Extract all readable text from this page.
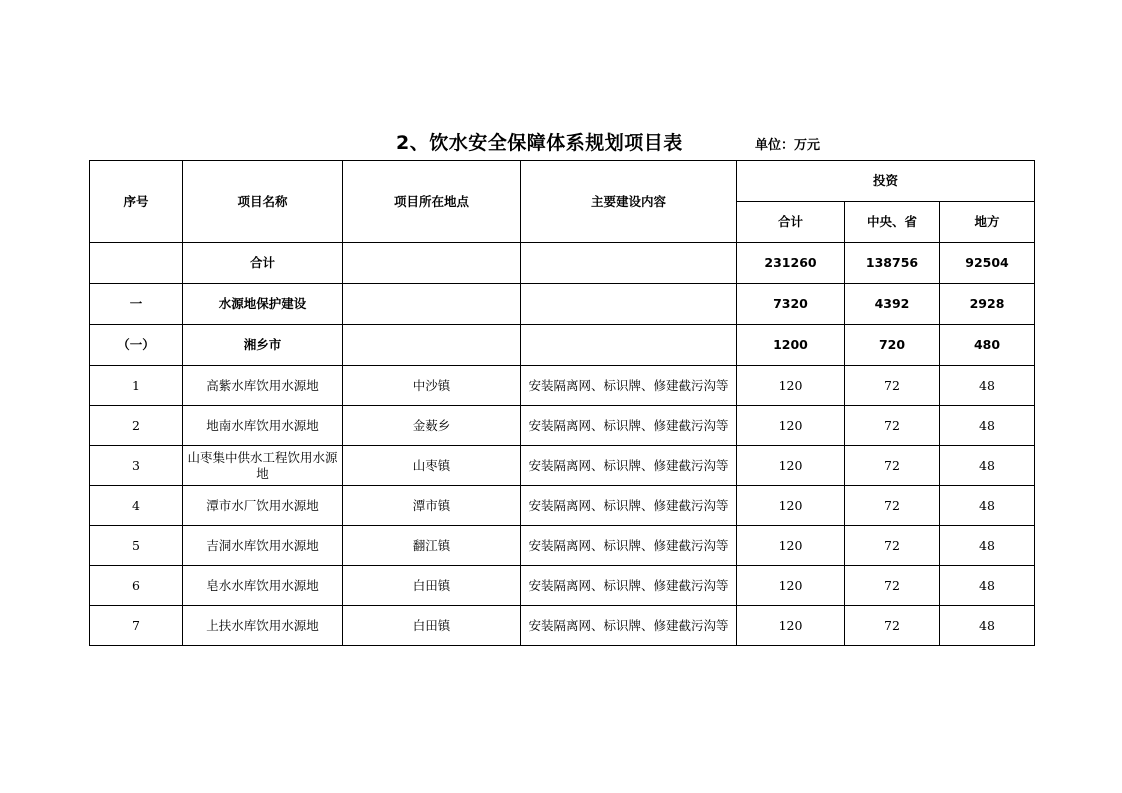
2、饮水安全保障体系规划项目表	单位：万元
序号	项目名称	项目所在地点	主要建设内容	投资		
				合计	中央、省	地方
	合计			231260	138756	92504
一	水源地保护建设			7320	4392	2928
（一）	湘乡市			1200	720	480
1	高紫水库饮用水源地	中沙镇	安装隔离网、标识牌、修建截污沟等	120	72	48
2	地南水库饮用水源地	金薮乡	安装隔离网、标识牌、修建截污沟等	120	72	48
3	山枣集中供水工程饮用水源地	山枣镇	安装隔离网、标识牌、修建截污沟等	120	72	48
4	潭市水厂饮用水源地	潭市镇	安装隔离网、标识牌、修建截污沟等	120	72	48
5	吉洞水库饮用水源地	翻江镇	安装隔离网、标识牌、修建截污沟等	120	72	48
6	皂水水库饮用水源地	白田镇	安装隔离网、标识牌、修建截污沟等	120	72	48
7	上扶水库饮用水源地	白田镇	安装隔离网、标识牌、修建截污沟等	120	72	48
